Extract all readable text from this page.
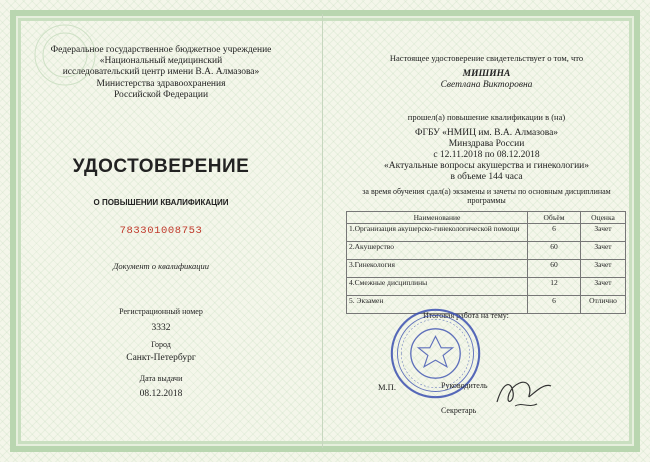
Федеральное государственное бюджетное учреждение
«Национальный медицинский
исследовательский центр имени В.А. Алмазова»
Министерства здравоохранения
Российской Федерации
УДОСТОВЕРЕНИЕ
О ПОВЫШЕНИИ КВАЛИФИКАЦИИ
783301008753
Документ о квалификации
Регистрационный номер
3332
Город
Санкт-Петербург
Дата выдачи
08.12.2018
Настоящее удостоверение свидетельствует о том, что
МИШИНА
Светлана Викторовна
прошел(а) повышение квалификации в (на)
ФГБУ «НМИЦ им. В.А. Алмазова»
Минздрава России
с 12.11.2018 по 08.12.2018
«Актуальные вопросы акушерства и гинекологии»
в объеме 144 часа
за время обучения сдал(а) экзамены и зачеты по основным дисциплинам
программы
Наименование	Объём	Оценка
1.Организация акушерско-гинекологической помощи	6	Зачет
2.Акушерство	60	Зачет
3.Гинекология	60	Зачет
4.Смежные дисциплины	12	Зачет
5. Экзамен	6	Отлично
Итоговая работа на тему:
М.П.	Руководитель
Секретарь
